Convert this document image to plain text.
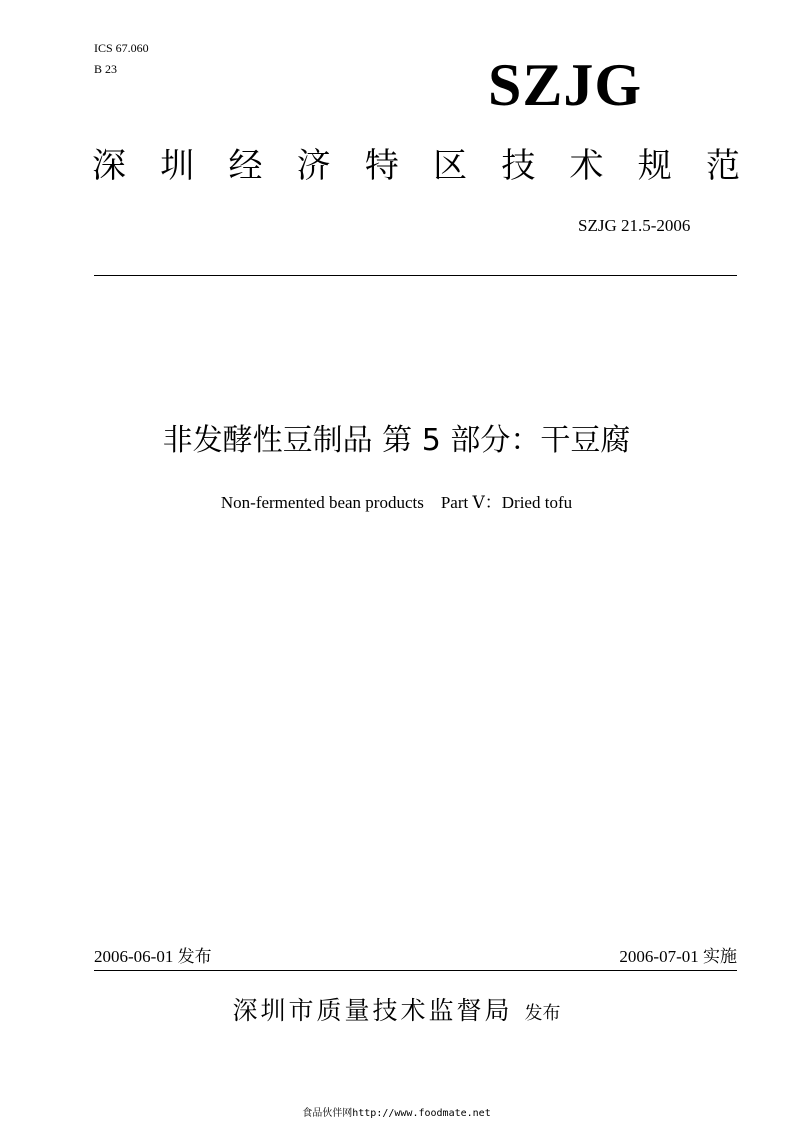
ICS 67.060
B 23	SZJG
深 圳 经 济 特 区 技 术 规 范
SZJG 21.5-2006
非发酵性豆制品 第 5 部分：干豆腐
Non-fermented bean products　Part Ⅴ：Dried tofu
2006-06-01 发布	2006-07-01 实施
深圳市质量技术监督局 发布
食品伙伴网http://www.foodmate.net
